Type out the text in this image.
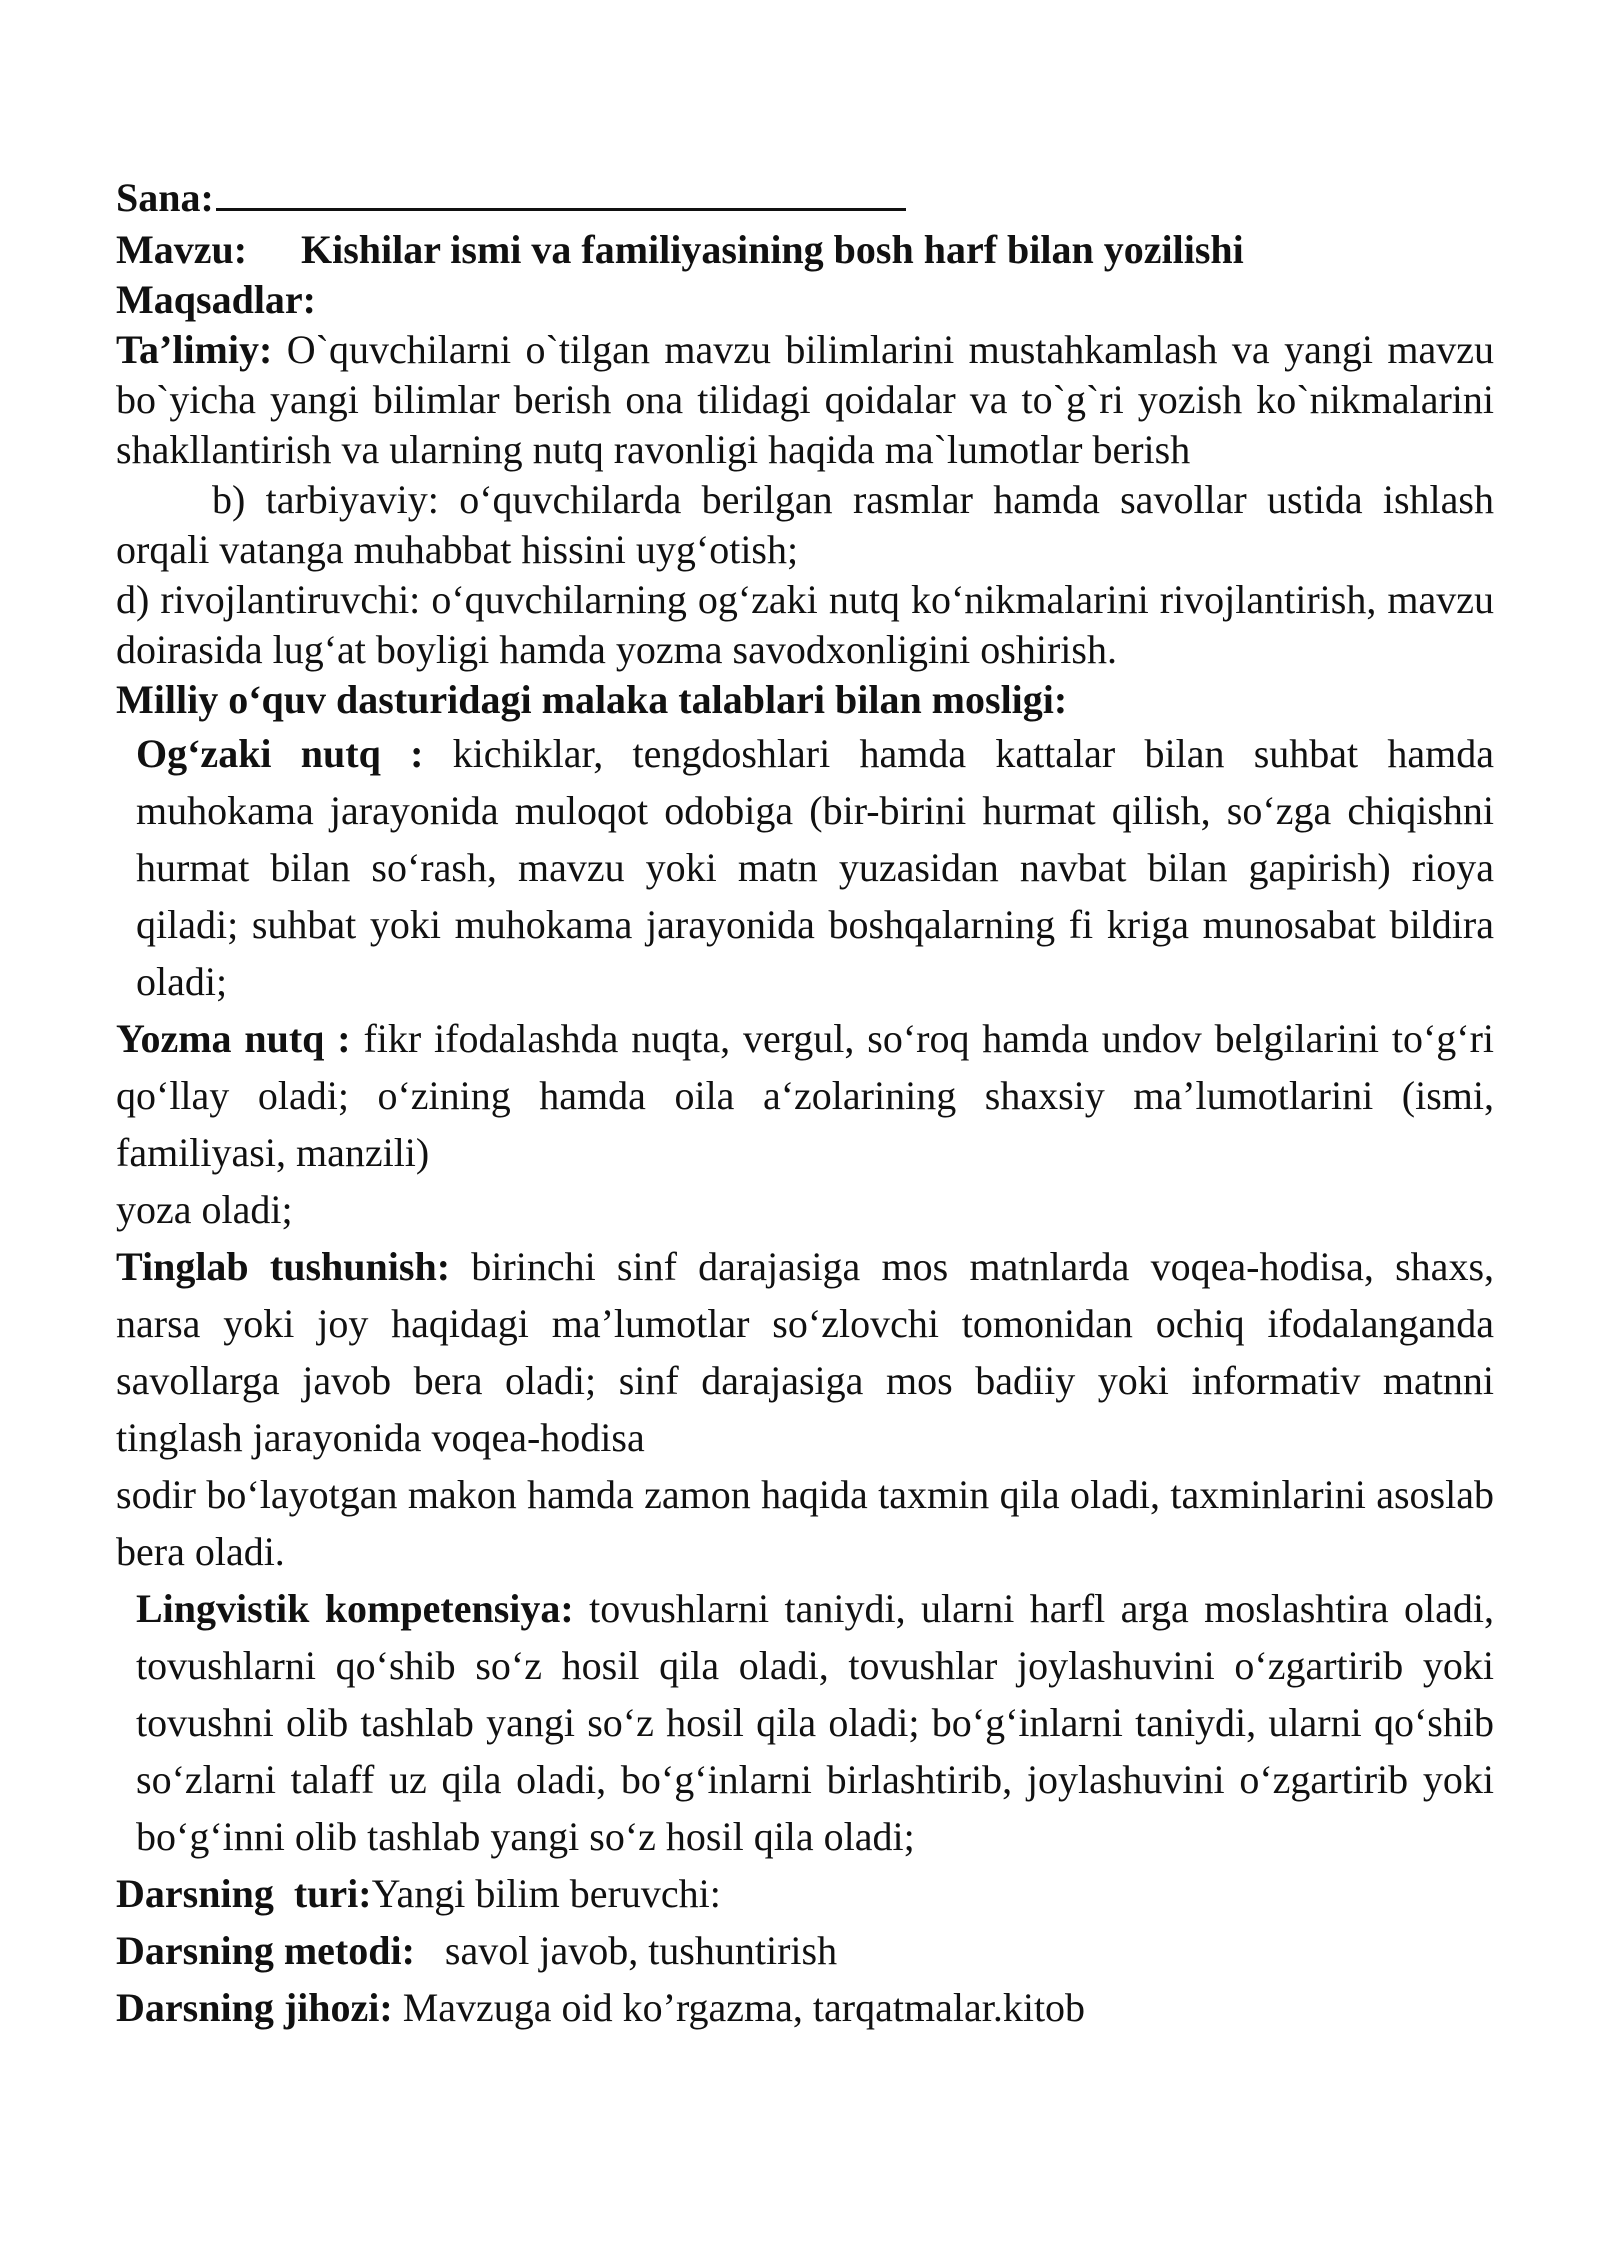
Sana:
Mavzu: Kishilar ismi va familiyasining bosh harf bilan yozilishi
Maqsadlar:
Ta’limiy: O`quvchilarni o`tilgan mavzu bilimlarini mustahkamlash va yangi mavzu bo`yicha yangi bilimlar berish ona tilidagi qoidalar va to`g`ri yozish ko`nikmalarini shakllantirish va ularning nutq ravonligi haqida ma`lumotlar berish
b) tarbiyaviy: o‘quvchilarda berilgan rasmlar hamda savollar ustida ishlash orqali vatanga muhabbat hissini uyg‘otish;
d) rivojlantiruvchi: o‘quvchilarning og‘zaki nutq ko‘nikmalarini rivojlantirish, mavzu doirasida lug‘at boyligi hamda yozma savodxonligini oshirish.
Milliy o‘quv dasturidagi malaka talablari bilan mosligi:
Og‘zaki nutq : kichiklar, tengdoshlari hamda kattalar bilan suhbat hamda muhokama jarayonida muloqot odobiga (bir-birini hurmat qilish, so‘zga chiqishni hurmat bilan so‘rash, mavzu yoki matn yuzasidan navbat bilan gapirish) rioya qiladi; suhbat yoki muhokama jarayonida boshqalarning fi kriga munosabat bildira oladi;
Yozma nutq : fikr ifodalashda nuqta, vergul, so‘roq hamda undov belgilarini to‘g‘ri qo‘llay oladi; o‘zining hamda oila a‘zolarining shaxsiy ma’lumotlarini (ismi, familiyasi, manzili)
yoza oladi;
Tinglab tushunish: birinchi sinf darajasiga mos matnlarda voqea-hodisa, shaxs, narsa yoki joy haqidagi ma’lumotlar so‘zlovchi tomonidan ochiq ifodalanganda savollarga javob bera oladi; sinf darajasiga mos badiiy yoki informativ matnni tinglash jarayonida voqea-hodisa
sodir bo‘layotgan makon hamda zamon haqida taxmin qila oladi, taxminlarini asoslab bera oladi.
Lingvistik kompetensiya: tovushlarni taniydi, ularni harfl arga moslashtira oladi, tovushlarni qo‘shib so‘z hosil qila oladi, tovushlar joylashuvini o‘zgartirib yoki tovushni olib tashlab yangi so‘z hosil qila oladi; bo‘g‘inlarni taniydi, ularni qo‘shib so‘zlarni talaff uz qila oladi, bo‘g‘inlarni birlashtirib, joylashuvini o‘zgartirib yoki bo‘g‘inni olib tashlab yangi so‘z hosil qila oladi;
Darsning  turi:Yangi bilim beruvchi:
Darsning metodi: savol javob, tushuntirish
Darsning jihozi: Mavzuga oid ko’rgazma, tarqatmalar.kitob
